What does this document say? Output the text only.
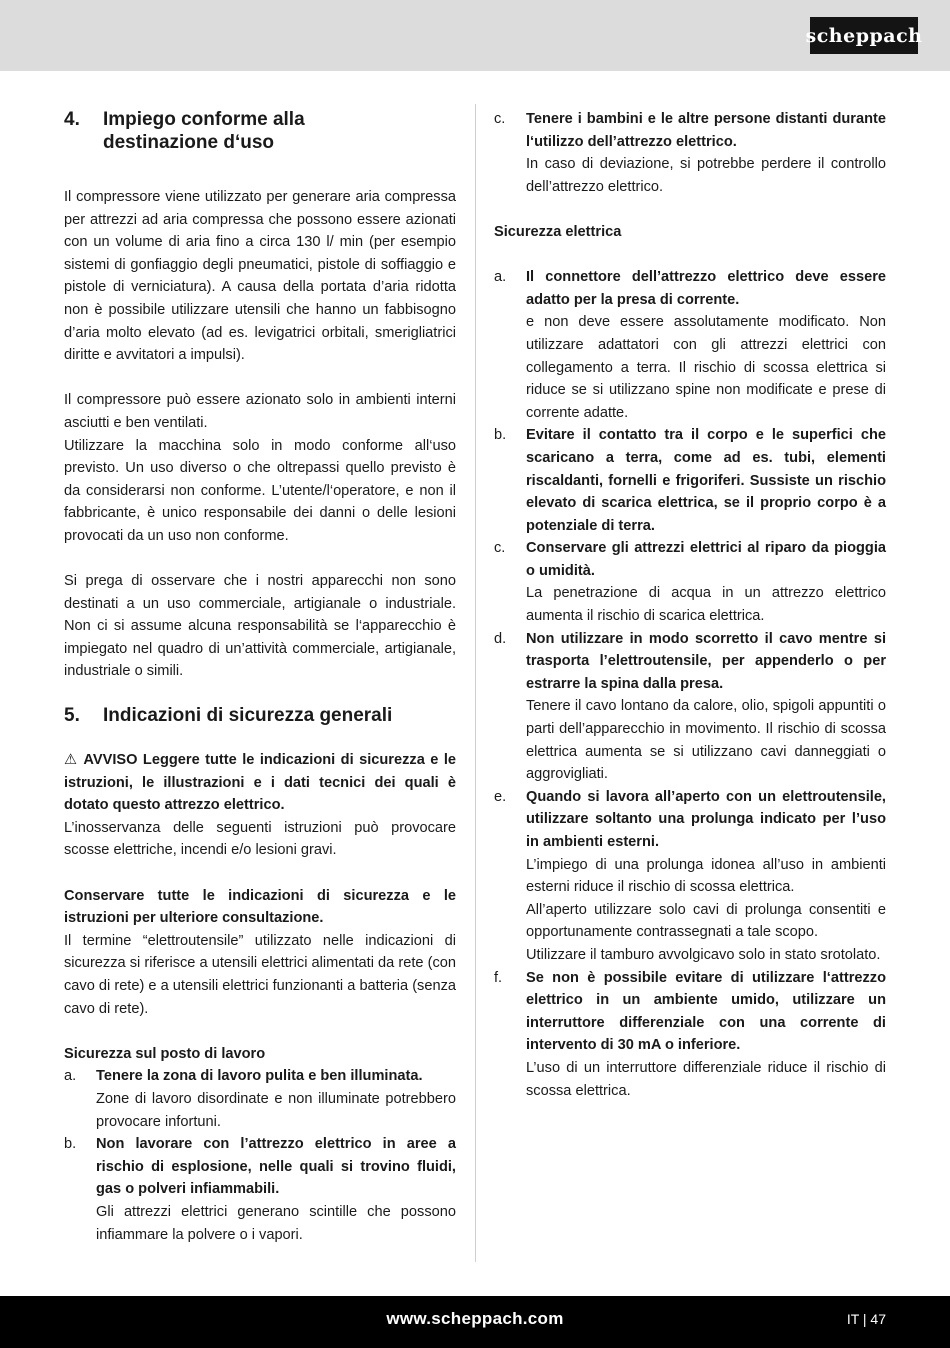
scheppach
4.	Impiego conforme alla destinazione d‘uso

Il compressore viene utilizzato per generare aria compressa per attrezzi ad aria compressa che possono essere azionati con un volume di aria fino a circa 130 l/ min (per esempio sistemi di gonfiaggio degli pneumatici, pistole di soffiaggio e pistole di verniciatura). A causa della portata d’aria ridotta non è possibile utilizzare utensili che hanno un fabbisogno d’aria molto elevato (ad es. levigatrici orbitali, smerigliatrici diritte e avvitatori a impulsi).

Il compressore può essere azionato solo in ambienti interni asciutti e ben ventilati.

Utilizzare la macchina solo in modo conforme all‘uso previsto. Un uso diverso o che oltrepassi quello previsto è da considerarsi non conforme. L’utente/l‘operatore, e non il fabbricante, è unico responsabile dei danni o delle lesioni provocati da un uso non conforme.

Si prega di osservare che i nostri apparecchi non sono destinati a un uso commerciale, artigianale o industriale. Non ci si assume alcuna responsabilità se l‘apparecchio è impiegato nel quadro di un’attività commerciale, artigianale, industriale o simili.

5.	Indicazioni di sicurezza generali

⚠ AVVISO Leggere tutte le indicazioni di sicurezza e le istruzioni, le illustrazioni e i dati tecnici dei quali è dotato questo attrezzo elettrico.

L’inosservanza delle seguenti istruzioni può provocare scosse elettriche, incendi e/o lesioni gravi.

Conservare tutte le indicazioni di sicurezza e le istruzioni per ulteriore consultazione.

Il termine “elettroutensile” utilizzato nelle indicazioni di sicurezza si riferisce a utensili elettrici alimentati da rete (con cavo di rete) e a utensili elettrici funzionanti a batteria (senza cavo di rete).

Sicurezza sul posto di lavoro

a.	Tenere la zona di lavoro pulita e ben illuminata.
Zone di lavoro disordinate e non illuminate potrebbero provocare infortuni.
b.	Non lavorare con l’attrezzo elettrico in aree a rischio di esplosione, nelle quali si trovino fluidi, gas o polveri infiammabili.
Gli attrezzi elettrici generano scintille che possono infiammare la polvere o i vapori.
c.	Tenere i bambini e le altre persone distanti durante l‘utilizzo dell’attrezzo elettrico.
In caso di deviazione, si potrebbe perdere il controllo dell’attrezzo elettrico.

Sicurezza elettrica

a.	Il connettore dell’attrezzo elettrico deve essere adatto per la presa di corrente.
e non deve essere assolutamente modificato. Non utilizzare adattatori con gli attrezzi elettrici con collegamento a terra. Il rischio di scossa elettrica si riduce se si utilizzano spine non modificate e prese di corrente adatte.
b.	Evitare il contatto tra il corpo e le superfici che scaricano a terra, come ad es. tubi, elementi riscaldanti, fornelli e frigoriferi. Sussiste un rischio elevato di scarica elettrica, se il proprio corpo è a potenziale di terra.
c.	Conservare gli attrezzi elettrici al riparo da pioggia o umidità.
La penetrazione di acqua in un attrezzo elettrico aumenta il rischio di scarica elettrica.
d.	Non utilizzare in modo scorretto il cavo mentre si trasporta l’elettroutensile, per appenderlo o per estrarre la spina dalla presa.
Tenere il cavo lontano da calore, olio, spigoli appuntiti o parti dell’apparecchio in movimento. Il rischio di scossa elettrica aumenta se si utilizzano cavi danneggiati o aggrovigliati.
e.	Quando si lavora all’aperto con un elettroutensile, utilizzare soltanto una prolunga indicato per l’uso in ambienti esterni.
L’impiego di una prolunga idonea all’uso in ambienti esterni riduce il rischio di scossa elettrica.
All’aperto utilizzare solo cavi di prolunga consentiti e opportunamente contrassegnati a tale scopo.
Utilizzare il tamburo avvolgicavo solo in stato srotolato.
f.	Se non è possibile evitare di utilizzare l‘attrezzo elettrico in un ambiente umido, utilizzare un interruttore differenziale con una corrente di intervento di 30 mA o inferiore.
L’uso di un interruttore differenziale riduce il rischio di scossa elettrica.
www.scheppach.com	IT | 47
